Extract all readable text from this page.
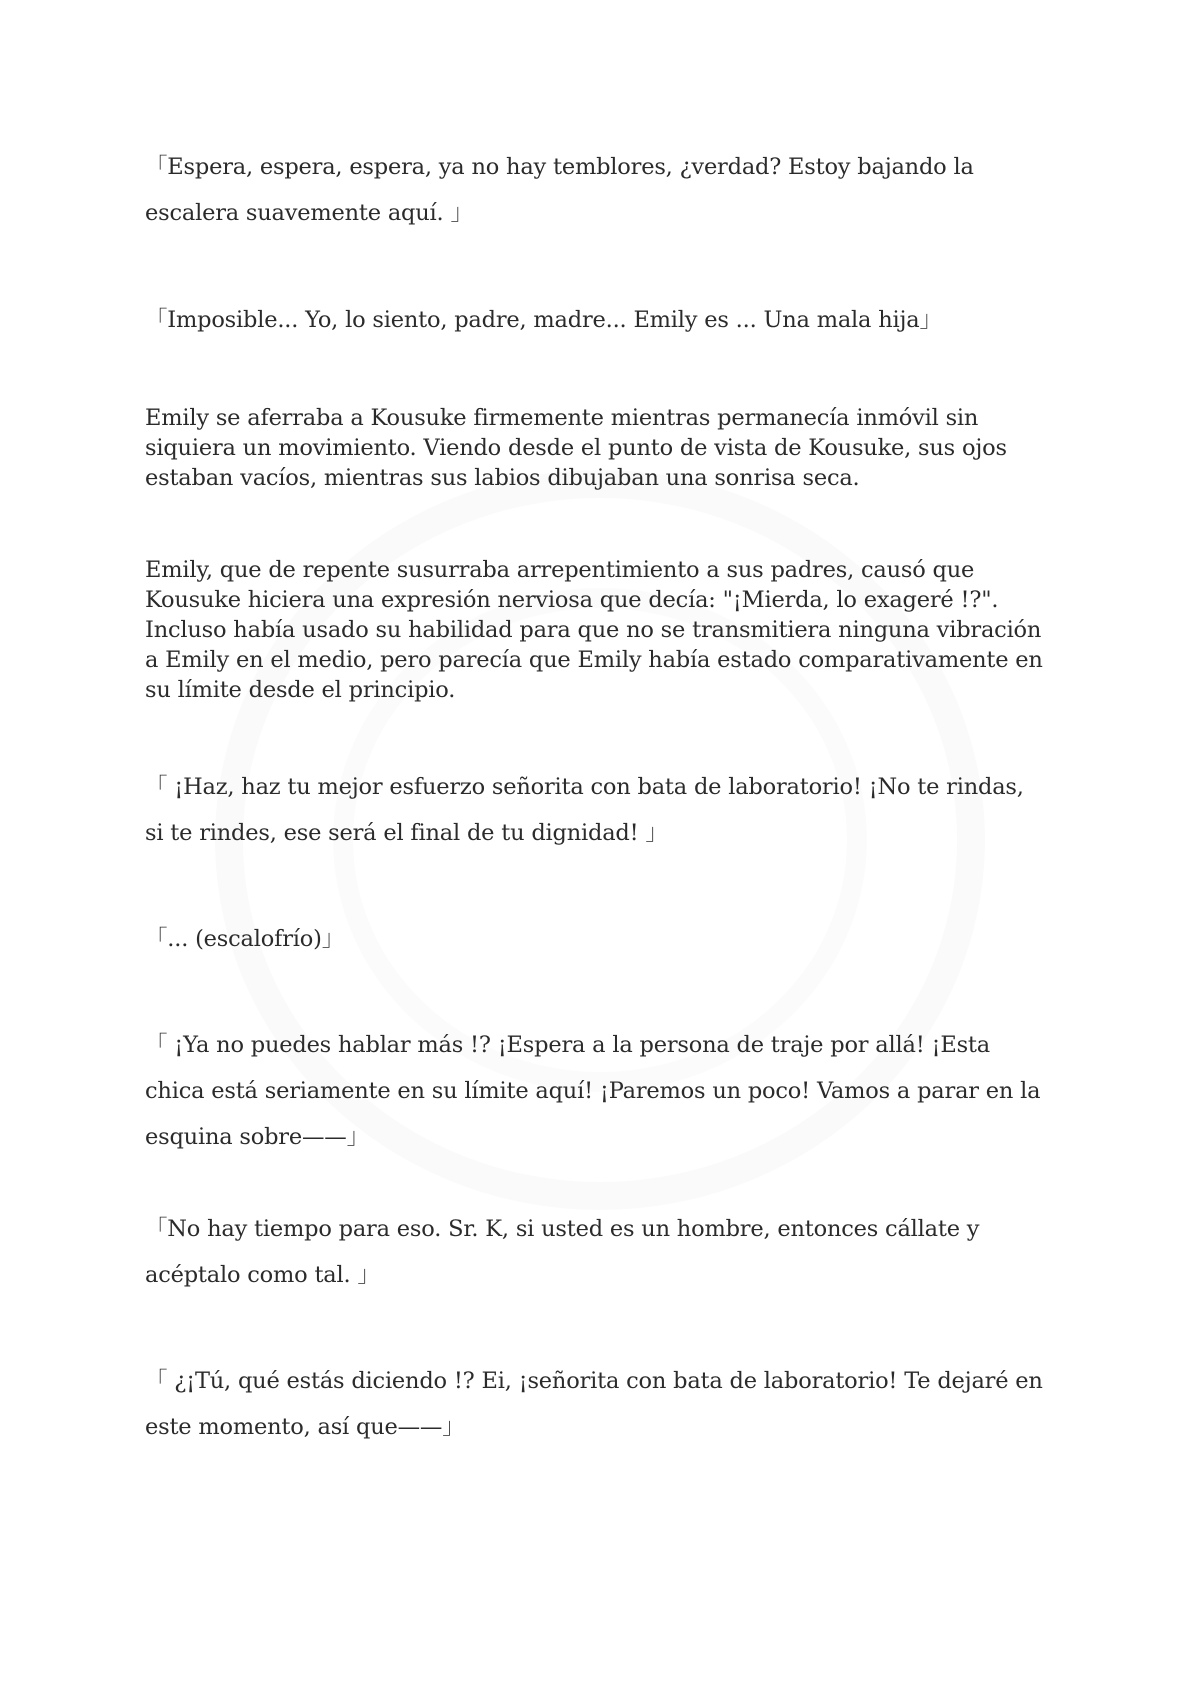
「Espera, espera, espera, ya no hay temblores, ¿verdad? Estoy bajando la escalera suavemente aquí. 」

「Imposible... Yo, lo siento, padre, madre... Emily es ... Una mala hija」

Emily se aferraba a Kousuke firmemente mientras permanecía inmóvil sin siquiera un movimiento. Viendo desde el punto de vista de Kousuke, sus ojos estaban vacíos, mientras sus labios dibujaban una sonrisa seca.

Emily, que de repente susurraba arrepentimiento a sus padres, causó que Kousuke hiciera una expresión nerviosa que decía: "¡Mierda, lo exageré !?". Incluso había usado su habilidad para que no se transmitiera ninguna vibración a Emily en el medio, pero parecía que Emily había estado comparativamente en su límite desde el principio.

「 ¡Haz, haz tu mejor esfuerzo señorita con bata de laboratorio! ¡No te rindas, si te rindes, ese será el final de tu dignidad! 」

「... (escalofrío)」

「 ¡Ya no puedes hablar más !? ¡Espera a la persona de traje por allá! ¡Esta chica está seriamente en su límite aquí! ¡Paremos un poco! Vamos a parar en la esquina sobre——」

「No hay tiempo para eso. Sr. K, si usted es un hombre, entonces cállate y acéptalo como tal. 」

「 ¿¡Tú, qué estás diciendo !? Ei, ¡señorita con bata de laboratorio! Te dejaré en este momento, así que——」
